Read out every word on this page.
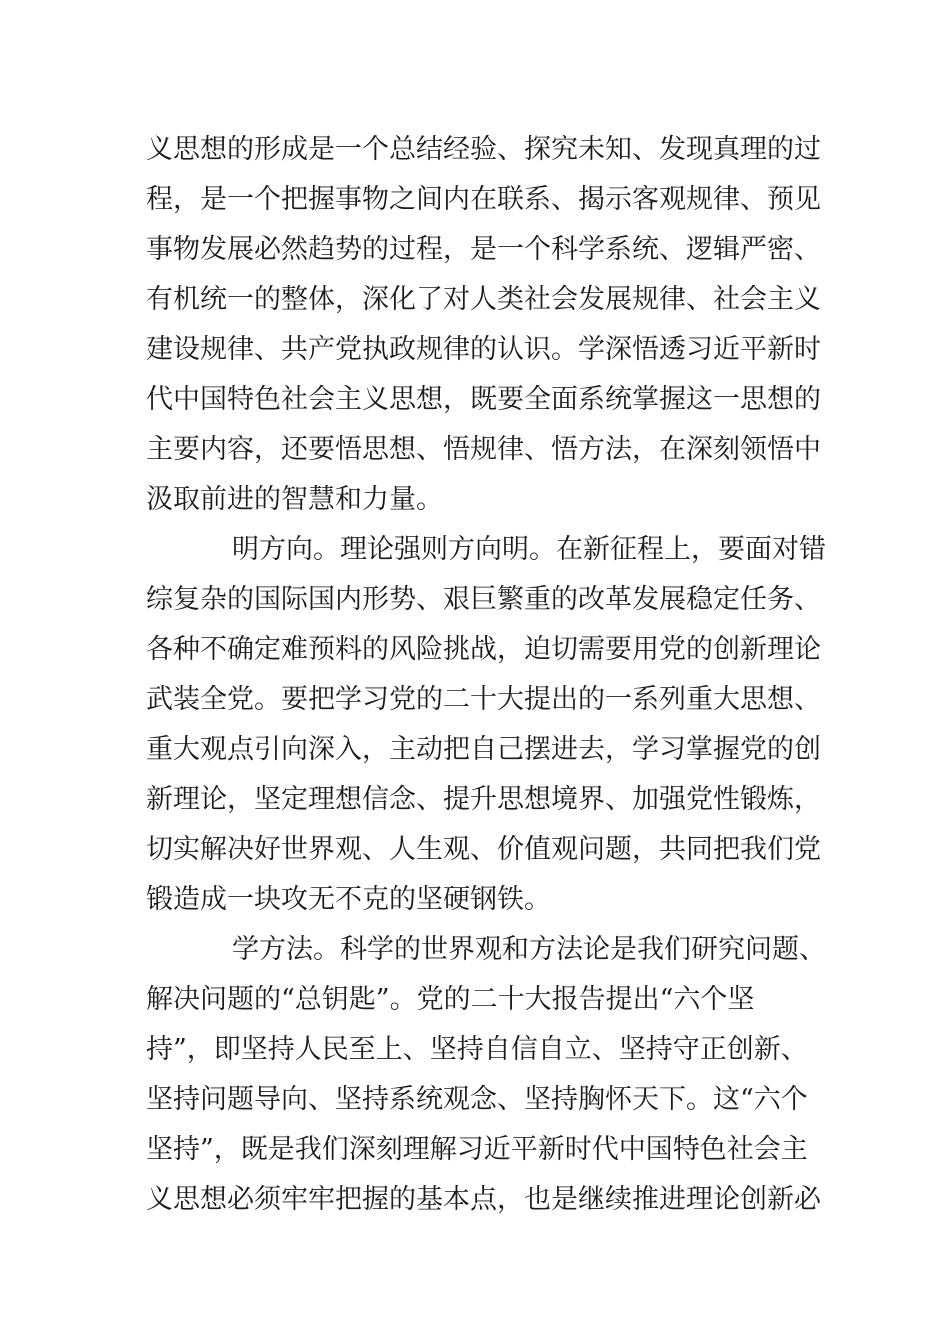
义思想的形成是一个总结经验、探究未知、发现真理的过
程，是一个把握事物之间内在联系、揭示客观规律、预见
事物发展必然趋势的过程，是一个科学系统、逻辑严密、
有机统一的整体，深化了对人类社会发展规律、社会主义
建设规律、共产党执政规律的认识。学深悟透习近平新时
代中国特色社会主义思想，既要全面系统掌握这一思想的
主要内容，还要悟思想、悟规律、悟方法，在深刻领悟中
汲取前进的智慧和力量。
明方向。理论强则方向明。在新征程上，要面对错
综复杂的国际国内形势、艰巨繁重的改革发展稳定任务、
各种不确定难预料的风险挑战，迫切需要用党的创新理论
武装全党。要把学习党的二十大提出的一系列重大思想、
重大观点引向深入，主动把自己摆进去，学习掌握党的创
新理论，坚定理想信念、提升思想境界、加强党性锻炼，
切实解决好世界观、人生观、价值观问题，共同把我们党
锻造成一块攻无不克的坚硬钢铁。
学方法。科学的世界观和方法论是我们研究问题、
解决问题的“总钥匙”。党的二十大报告提出“六个坚
持”，即坚持人民至上、坚持自信自立、坚持守正创新、
坚持问题导向、坚持系统观念、坚持胸怀天下。这“六个
坚持”，既是我们深刻理解习近平新时代中国特色社会主
义思想必须牢牢把握的基本点，也是继续推进理论创新必
